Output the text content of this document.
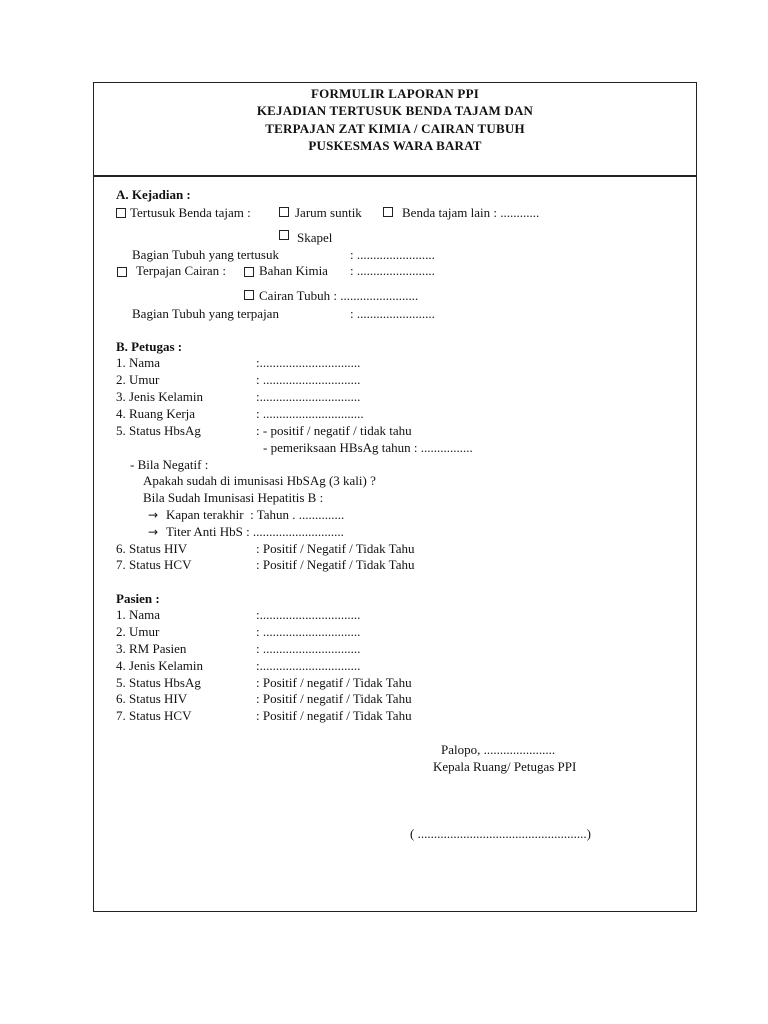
FORMULIR LAPORAN PPI
KEJADIAN TERTUSUK BENDA TAJAM DAN
TERPAJAN ZAT KIMIA / CAIRAN TUBUH
PUSKESMAS WARA BARAT
A. Kejadian :
Tertusuk Benda tajam :	Jarum suntik	Benda tajam lain : ............
Skapel
Bagian Tubuh yang tertusuk	: ........................
Terpajan Cairan :	Bahan Kimia : ........................
Cairan Tubuh : ........................
Bagian Tubuh yang terpajan	: ........................
B. Petugas :
1. Nama	:...............................
2. Umur	: ..............................
3. Jenis Kelamin	:...............................
4. Ruang Kerja	: ...............................
5. Status HbsAg	: - positif / negatif / tidak tahu
- pemeriksaan HBsAg tahun : ................
- Bila Negatif :
Apakah sudah di imunisasi HbSAg (3 kali) ?
Bila Sudah Imunisasi Hepatitis B :
→ Kapan terakhir  : Tahun . ..............
→ Titer Anti HbS : ............................
6. Status HIV	: Positif / Negatif / Tidak Tahu
7. Status HCV	: Positif / Negatif / Tidak Tahu
Pasien :
1. Nama	:...............................
2. Umur	: ..............................
3. RM Pasien	: ..............................
4. Jenis Kelamin	:...............................
5. Status HbsAg	: Positif / negatif / Tidak Tahu
6. Status HIV	: Positif / negatif / Tidak Tahu
7. Status HCV	: Positif / negatif / Tidak Tahu
Palopo, ......................
Kepala Ruang/ Petugas PPI
( ....................................................)
